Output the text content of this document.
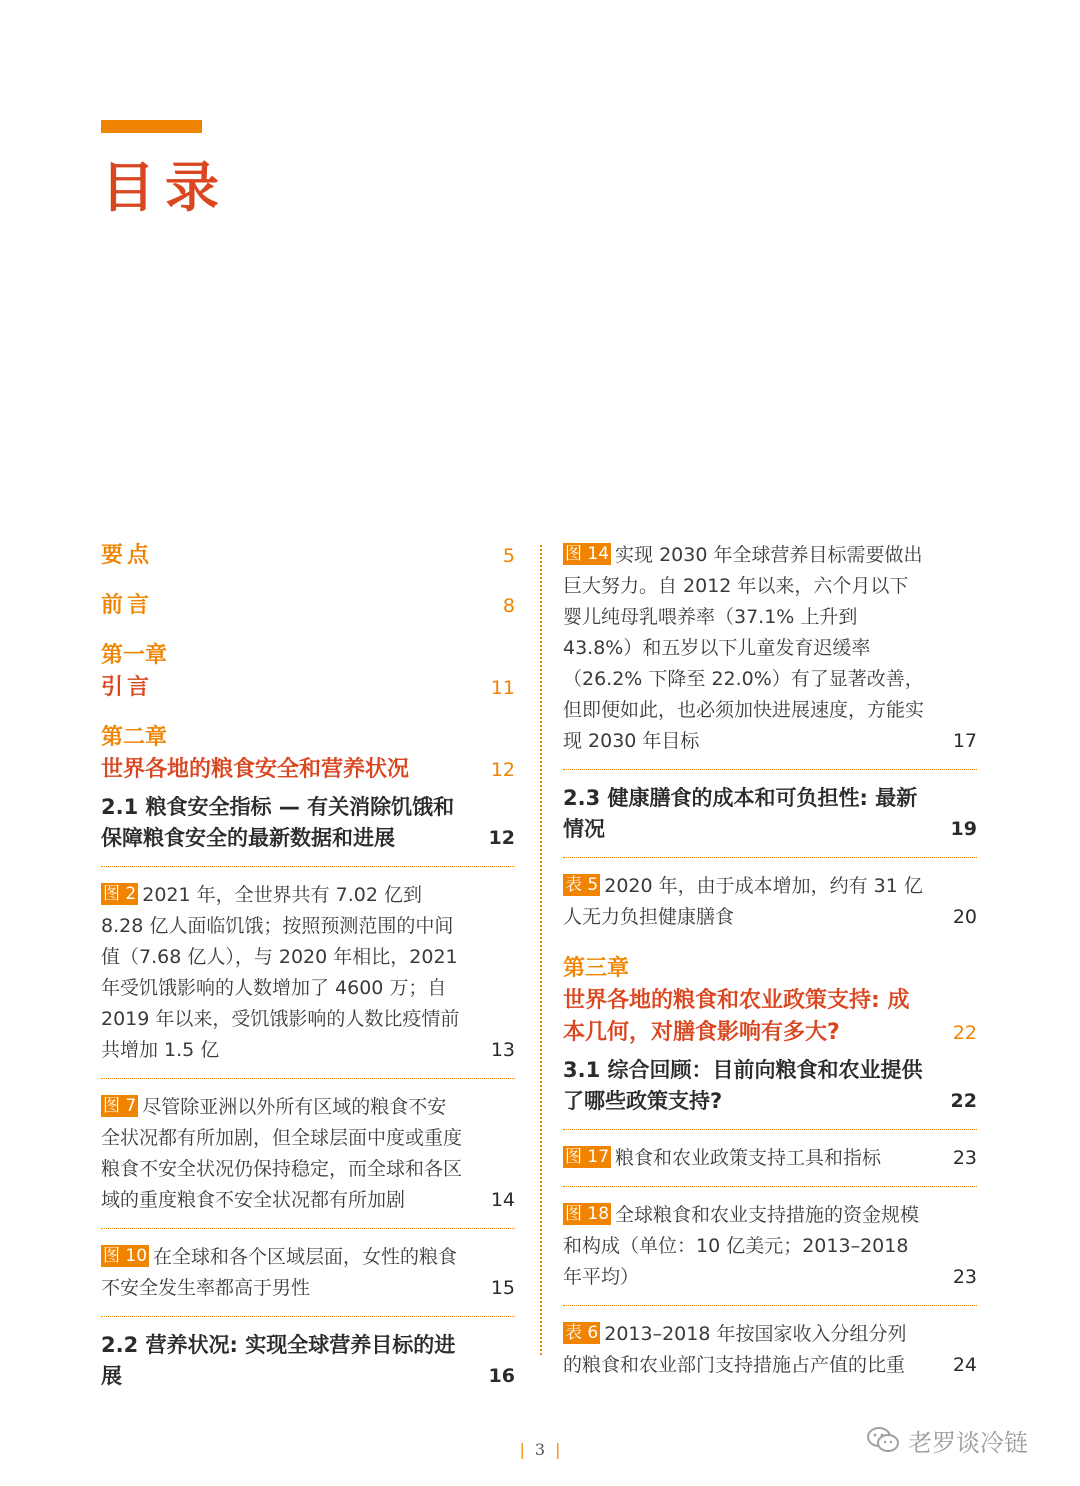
目录
要点	5
前言	8
第一章
引言	11
第二章
世界各地的粮食安全和营养状况	12
2.1 粮食安全指标 — 有关消除饥饿和保障粮食安全的最新数据和进展	12
图 2 2021 年，全世界共有 7.02 亿到 8.28 亿人面临饥饿；按照预测范围的中间值（7.68 亿人），与 2020 年相比，2021 年受饥饿影响的人数增加了 4600 万；自 2019 年以来，受饥饿影响的人数比疫情前共增加 1.5 亿	13
图 7 尽管除亚洲以外所有区域的粮食不安全状况都有所加剧，但全球层面中度或重度粮食不安全状况仍保持稳定，而全球和各区域的重度粮食不安全状况都有所加剧	14
图 10 在全球和各个区域层面，女性的粮食不安全发生率都高于男性	15
2.2 营养状况: 实现全球营养目标的进展	16
图 14 实现 2030 年全球营养目标需要做出巨大努力。自 2012 年以来，六个月以下婴儿纯母乳喂养率（37.1% 上升到 43.8%）和五岁以下儿童发育迟缓率（26.2% 下降至 22.0%）有了显著改善，但即便如此，也必须加快进展速度，方能实现 2030 年目标	17
2.3 健康膳食的成本和可负担性: 最新情况	19
表 5 2020 年，由于成本增加，约有 31 亿人无力负担健康膳食	20
第三章
世界各地的粮食和农业政策支持: 成本几何，对膳食影响有多大?	22
3.1 综合回顾：目前向粮食和农业提供了哪些政策支持?	22
图 17 粮食和农业政策支持工具和指标	23
图 18 全球粮食和农业支持措施的资金规模和构成（单位：10 亿美元；2013–2018 年平均）	23
表 6 2013–2018 年按国家收入分组分列的粮食和农业部门支持措施占产值的比重	24
| 3 |	老罗谈冷链
